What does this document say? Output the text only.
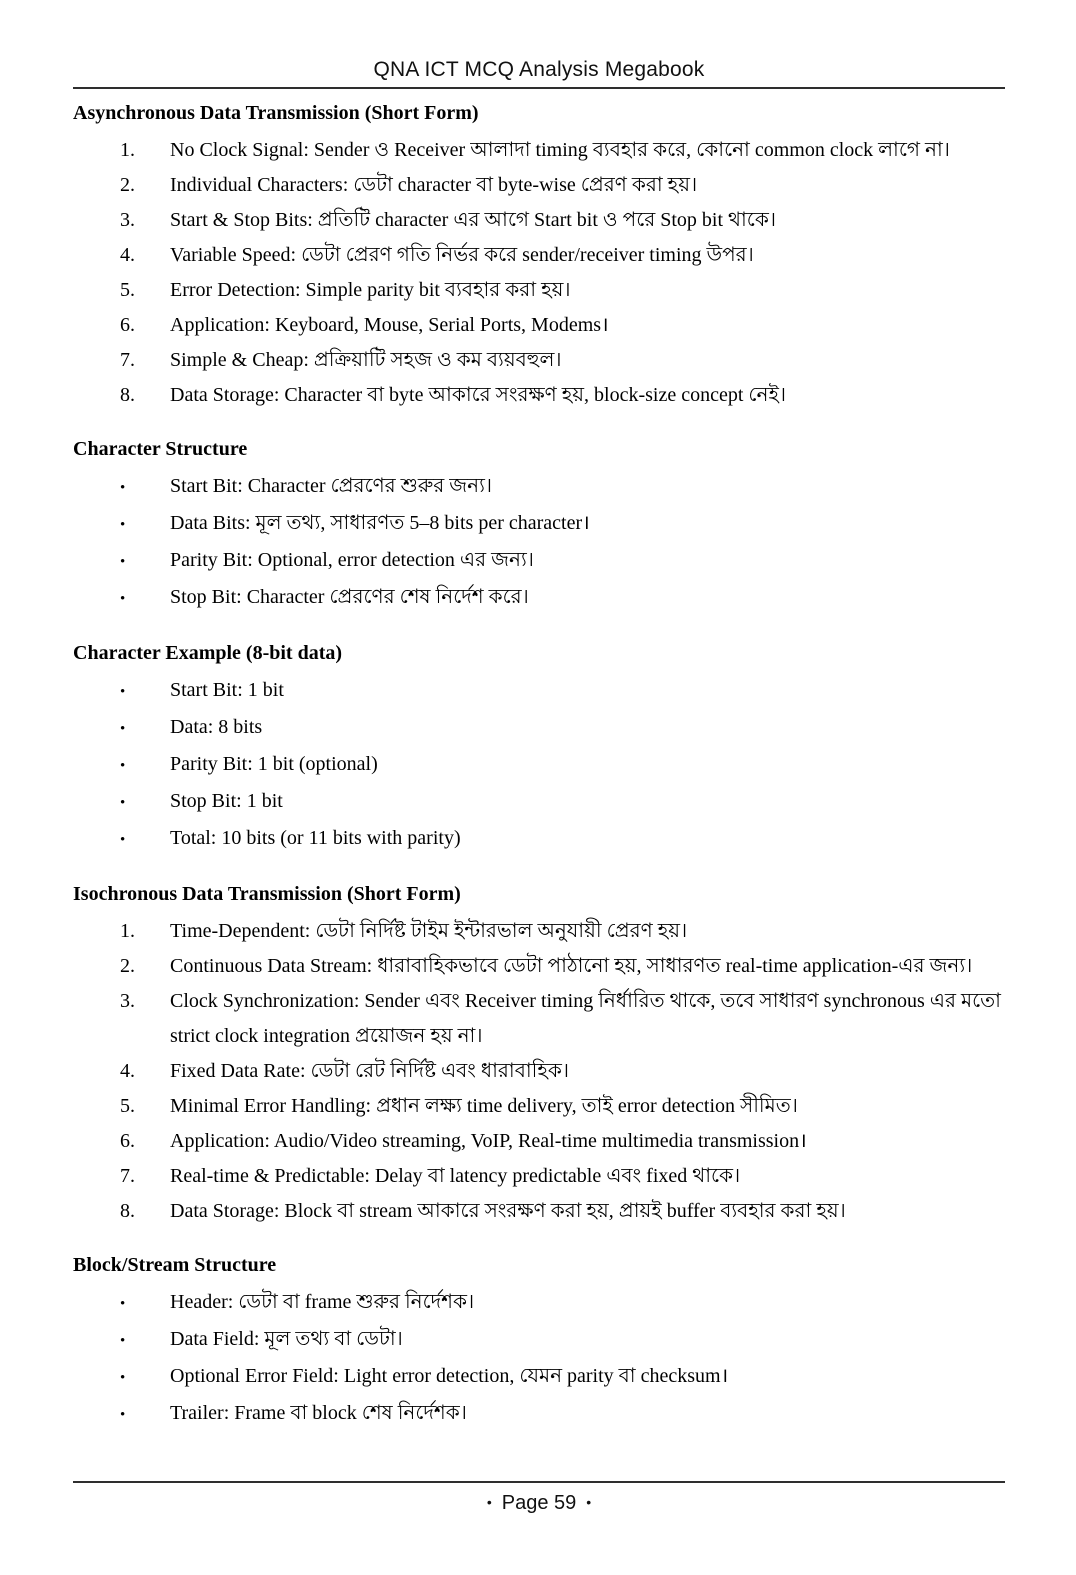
QNA ICT MCQ Analysis Megabook
Asynchronous Data Transmission (Short Form)
1.	No Clock Signal: Sender ও Receiver আলাদা timing ব্যবহার করে, কোনো common clock লাগে না।
2.	Individual Characters: ডেটা character বা byte-wise প্রেরণ করা হয়।
3.	Start & Stop Bits: প্রতিটি character এর আগে Start bit ও পরে Stop bit থাকে।
4.	Variable Speed: ডেটা প্রেরণ গতি নির্ভর করে sender/receiver timing উপর।
5.	Error Detection: Simple parity bit ব্যবহার করা হয়।
6.	Application: Keyboard, Mouse, Serial Ports, Modems।
7.	Simple & Cheap: প্রক্রিয়াটি সহজ ও কম ব্যয়বহুল।
8.	Data Storage: Character বা byte আকারে সংরক্ষণ হয়, block-size concept নেই।
Character Structure
•	Start Bit: Character প্রেরণের শুরুর জন্য।
•	Data Bits: মূল তথ্য, সাধারণত 5–8 bits per character।
•	Parity Bit: Optional, error detection এর জন্য।
•	Stop Bit: Character প্রেরণের শেষ নির্দেশ করে।
Character Example (8-bit data)
•	Start Bit: 1 bit
•	Data: 8 bits
•	Parity Bit: 1 bit (optional)
•	Stop Bit: 1 bit
•	Total: 10 bits (or 11 bits with parity)
Isochronous Data Transmission (Short Form)
1.	Time-Dependent: ডেটা নির্দিষ্ট টাইম ইন্টারভাল অনুযায়ী প্রেরণ হয়।
2.	Continuous Data Stream: ধারাবাহিকভাবে ডেটা পাঠানো হয়, সাধারণত real-time application-এর জন্য।
3.	Clock Synchronization: Sender এবং Receiver timing নির্ধারিত থাকে, তবে সাধারণ synchronous এর মতো strict clock integration প্রয়োজন হয় না।
4.	Fixed Data Rate: ডেটা রেট নির্দিষ্ট এবং ধারাবাহিক।
5.	Minimal Error Handling: প্রধান লক্ষ্য time delivery, তাই error detection সীমিত।
6.	Application: Audio/Video streaming, VoIP, Real-time multimedia transmission।
7.	Real-time & Predictable: Delay বা latency predictable এবং fixed থাকে।
8.	Data Storage: Block বা stream আকারে সংরক্ষণ করা হয়, প্রায়ই buffer ব্যবহার করা হয়।
Block/Stream Structure
•	Header: ডেটা বা frame শুরুর নির্দেশক।
•	Data Field: মূল তথ্য বা ডেটা।
•	Optional Error Field: Light error detection, যেমন parity বা checksum।
•	Trailer: Frame বা block শেষ নির্দেশক।
• Page 59 •
